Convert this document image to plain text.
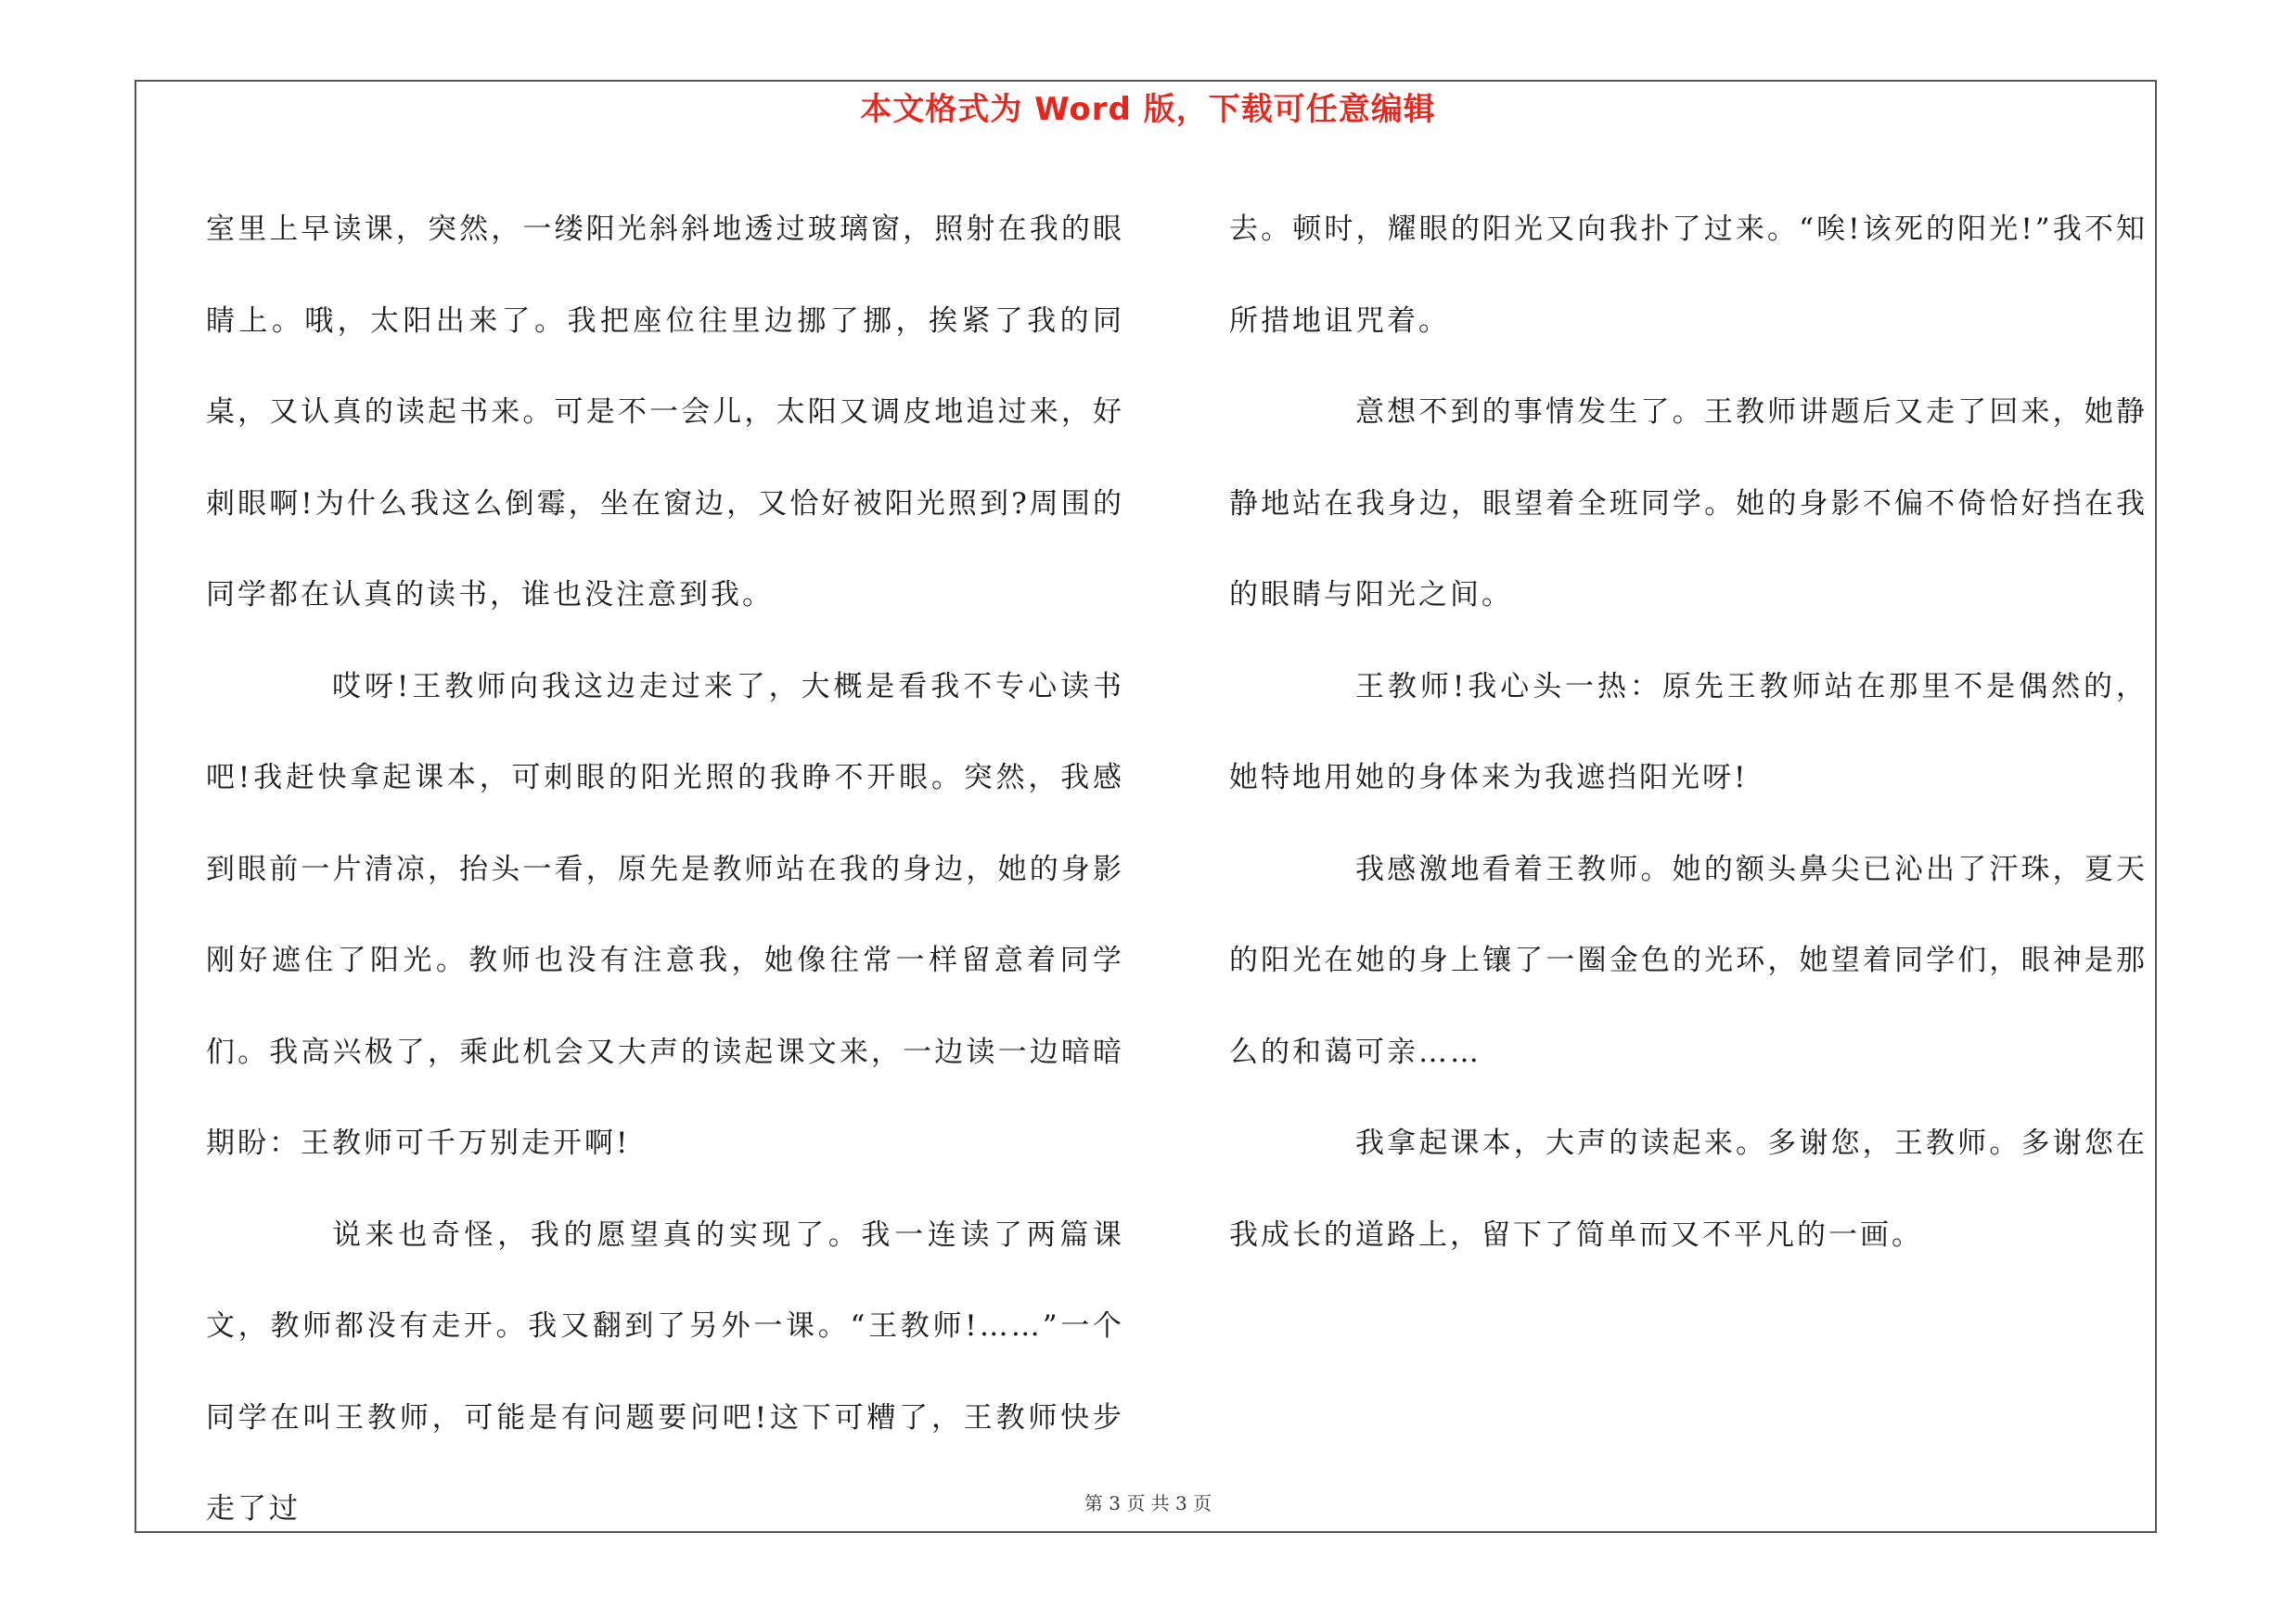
本文格式为 Word 版，下载可任意编辑

室里上早读课，突然，一缕阳光斜斜地透过玻璃窗，照射在我的眼睛上。哦，太阳出来了。我把座位往里边挪了挪，挨紧了我的同桌，又认真的读起书来。可是不一会儿，太阳又调皮地追过来，好刺眼啊!为什么我这么倒霉，坐在窗边，又恰好被阳光照到?周围的同学都在认真的读书，谁也没注意到我。

哎呀!王教师向我这边走过来了，大概是看我不专心读书吧!我赶快拿起课本，可刺眼的阳光照的我睁不开眼。突然，我感到眼前一片清凉，抬头一看，原先是教师站在我的身边，她的身影刚好遮住了阳光。教师也没有注意我，她像往常一样留意着同学们。我高兴极了，乘此机会又大声的读起课文来，一边读一边暗暗期盼：王教师可千万别走开啊!

说来也奇怪，我的愿望真的实现了。我一连读了两篇课文，教师都没有走开。我又翻到了另外一课。“王教师!……”一个同学在叫王教师，可能是有问题要问吧!这下可糟了，王教师快步走了过

去。顿时，耀眼的阳光又向我扑了过来。“唉!该死的阳光!”我不知所措地诅咒着。

意想不到的事情发生了。王教师讲题后又走了回来，她静静地站在我身边，眼望着全班同学。她的身影不偏不倚恰好挡在我的眼睛与阳光之间。

王教师!我心头一热：原先王教师站在那里不是偶然的，她特地用她的身体来为我遮挡阳光呀!

我感激地看着王教师。她的额头鼻尖已沁出了汗珠，夏天的阳光在她的身上镶了一圈金色的光环，她望着同学们，眼神是那么的和蔼可亲……

我拿起课本，大声的读起来。多谢您，王教师。多谢您在我成长的道路上，留下了简单而又不平凡的一画。

第 3 页 共 3 页
